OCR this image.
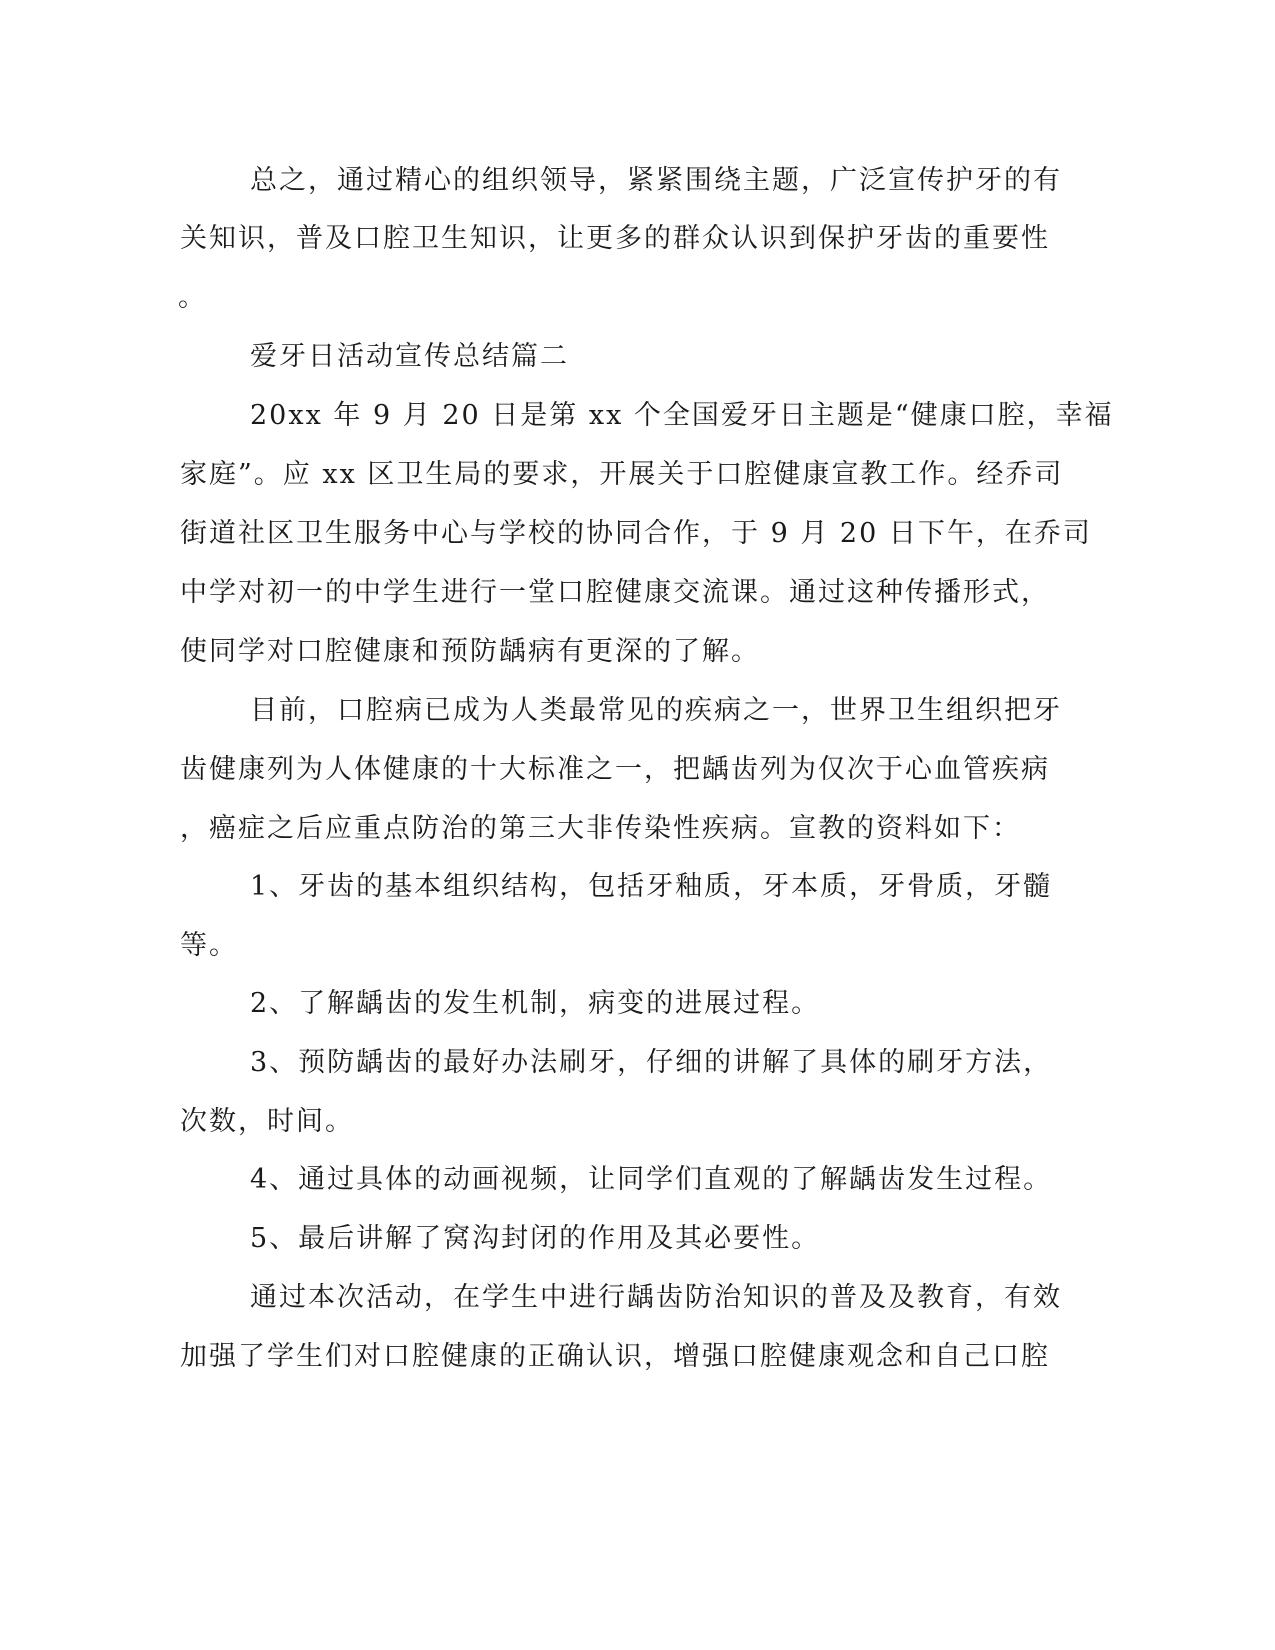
总之，通过精心的组织领导，紧紧围绕主题，广泛宣传护牙的有
关知识，普及口腔卫生知识，让更多的群众认识到保护牙齿的重要性
。
爱牙日活动宣传总结篇二
20xx 年 9 月 20 日是第 xx 个全国爱牙日主题是“健康口腔，幸福
家庭”。应 xx 区卫生局的要求，开展关于口腔健康宣教工作。经乔司
街道社区卫生服务中心与学校的协同合作，于 9 月 20 日下午，在乔司
中学对初一的中学生进行一堂口腔健康交流课。通过这种传播形式，
使同学对口腔健康和预防龋病有更深的了解。
目前，口腔病已成为人类最常见的疾病之一，世界卫生组织把牙
齿健康列为人体健康的十大标准之一，把龋齿列为仅次于心血管疾病
，癌症之后应重点防治的第三大非传染性疾病。宣教的资料如下：
1、牙齿的基本组织结构，包括牙釉质，牙本质，牙骨质，牙髓
等。
2、了解龋齿的发生机制，病变的进展过程。
3、预防龋齿的最好办法刷牙，仔细的讲解了具体的刷牙方法，
次数，时间。
4、通过具体的动画视频，让同学们直观的了解龋齿发生过程。
5、最后讲解了窝沟封闭的作用及其必要性。
通过本次活动，在学生中进行龋齿防治知识的普及及教育，有效
加强了学生们对口腔健康的正确认识，增强口腔健康观念和自己口腔
